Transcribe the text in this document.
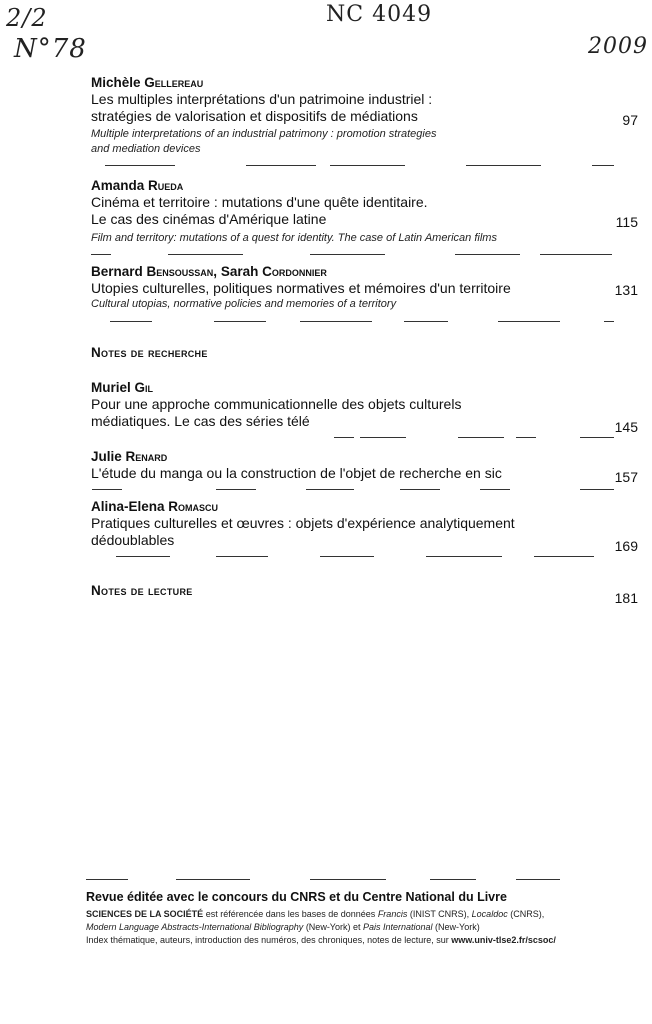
2/2
N°78
NC 4049
2009
Michèle Gellereau
Les multiples interprétations d'un patrimoine industriel :
stratégies de valorisation et dispositifs de médiations
Multiple interpretations of an industrial patrimony : promotion strategies
and mediation devices
97
Amanda Rueda
Cinéma et territoire : mutations d'une quête identitaire.
Le cas des cinémas d'Amérique latine
Film and territory: mutations of a quest for identity. The case of Latin American films
115
Bernard Bensoussan, Sarah Cordonnier
Utopies culturelles, politiques normatives et mémoires d'un territoire
Cultural utopias, normative policies and memories of a territory
131
Notes de recherche
Muriel Gil
Pour une approche communicationnelle des objets culturels
médiatiques. Le cas des séries télé	145
Julie Renard
L'étude du manga ou la construction de l'objet de recherche en sic	157
Alina-Elena Romascu
Pratiques culturelles et œuvres : objets d'expérience analytiquement
dédoublables	169
Notes de lecture	181
Revue éditée avec le concours du CNRS et du Centre National du Livre
SCIENCES DE LA SOCIÉTÉ est référencée dans les bases de données Francis (INIST CNRS), Localdoc (CNRS),
Modern Language Abstracts-International Bibliography (New-York) et Pais International (New-York)
Index thématique, auteurs, introduction des numéros, des chroniques, notes de lecture, sur www.univ-tlse2.fr/scsoc/
